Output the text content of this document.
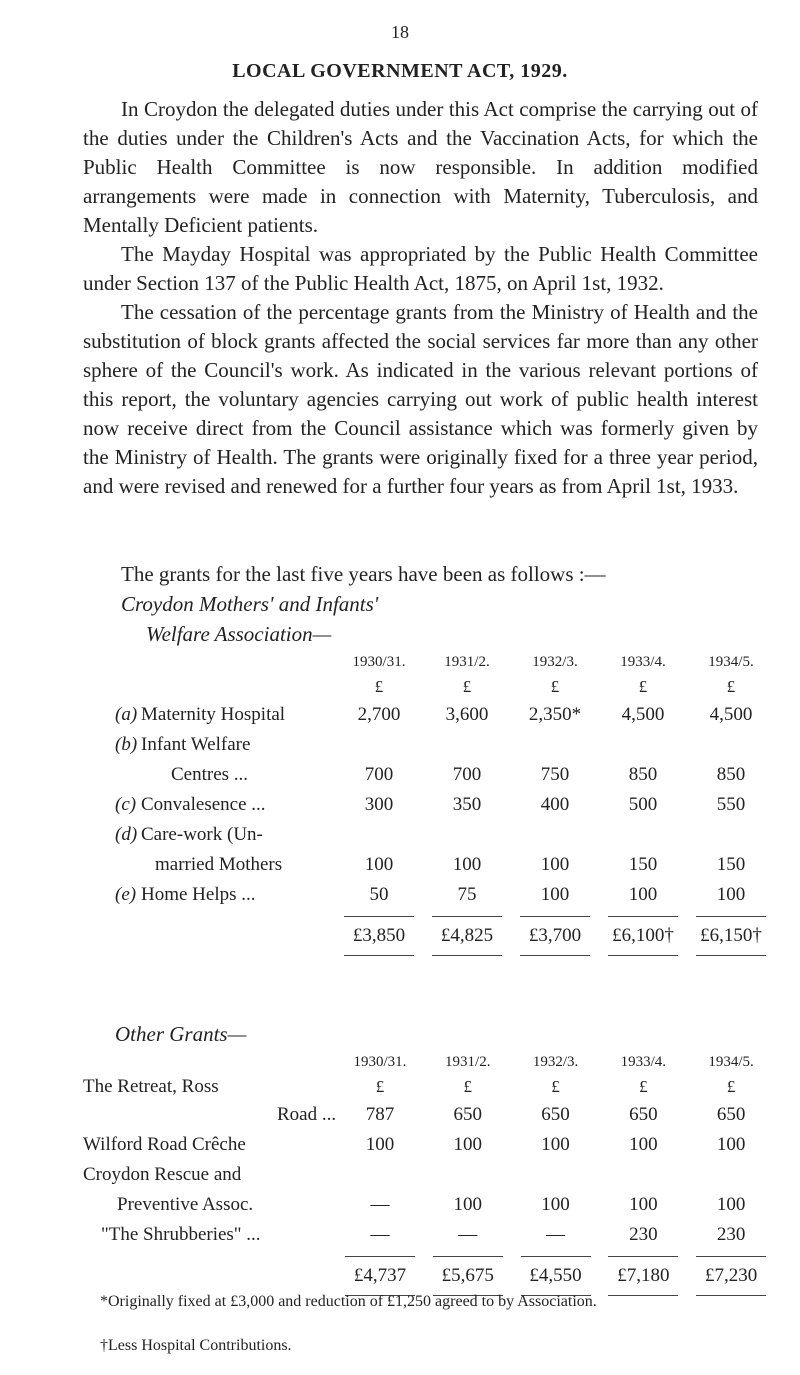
18
LOCAL GOVERNMENT ACT, 1929.

In Croydon the delegated duties under this Act comprise the carrying out of the duties under the Children's Acts and the Vaccination Acts, for which the Public Health Committee is now responsible. In addition modified arrangements were made in connection with Maternity, Tuberculosis, and Mentally Deficient patients.

The Mayday Hospital was appropriated by the Public Health Committee under Section 137 of the Public Health Act, 1875, on April 1st, 1932.

The cessation of the percentage grants from the Ministry of Health and the substitution of block grants affected the social services far more than any other sphere of the Council's work. As indicated in the various relevant portions of this report, the voluntary agencies carrying out work of public health interest now receive direct from the Council assistance which was formerly given by the Ministry of Health. The grants were originally fixed for a three year period, and were revised and renewed for a further four years as from April 1st, 1933.

The grants for the last five years have been as follows :—

Croydon Mothers' and Infants'
Welfare Association—
	1930/31.	1931/2.	1932/3.	1933/4.	1934/5.
	£	£	£	£	£
(a) Maternity Hospital	2,700	3,600	2,350*	4,500	4,500
(b) Infant Welfare					
Centres ...	700	700	750	850	850
(c) Convalesence ...	300	350	400	500	550
(d) Care-work (Un-					
married Mothers	100	100	100	150	150
(e) Home Helps ...	50	75	100	100	100

	£3,850	£4,825	£3,700	£6,100†	£6,150†
Other Grants—
	1930/31.	1931/2.	1932/3.	1933/4.	1934/5.
The Retreat, Ross	£	£	£	£	£
Road ...	787	650	650	650	650
Wilford Road Crêche	100	100	100	100	100
Croydon Rescue and					
Preventive Assoc.	—	100	100	100	100
"The Shrubberies" ...	—	—	—	230	230

	£4,737	£5,675	£4,550	£7,180	£7,230
*Originally fixed at £3,000 and reduction of £1,250 agreed to by Association.
†Less Hospital Contributions.
